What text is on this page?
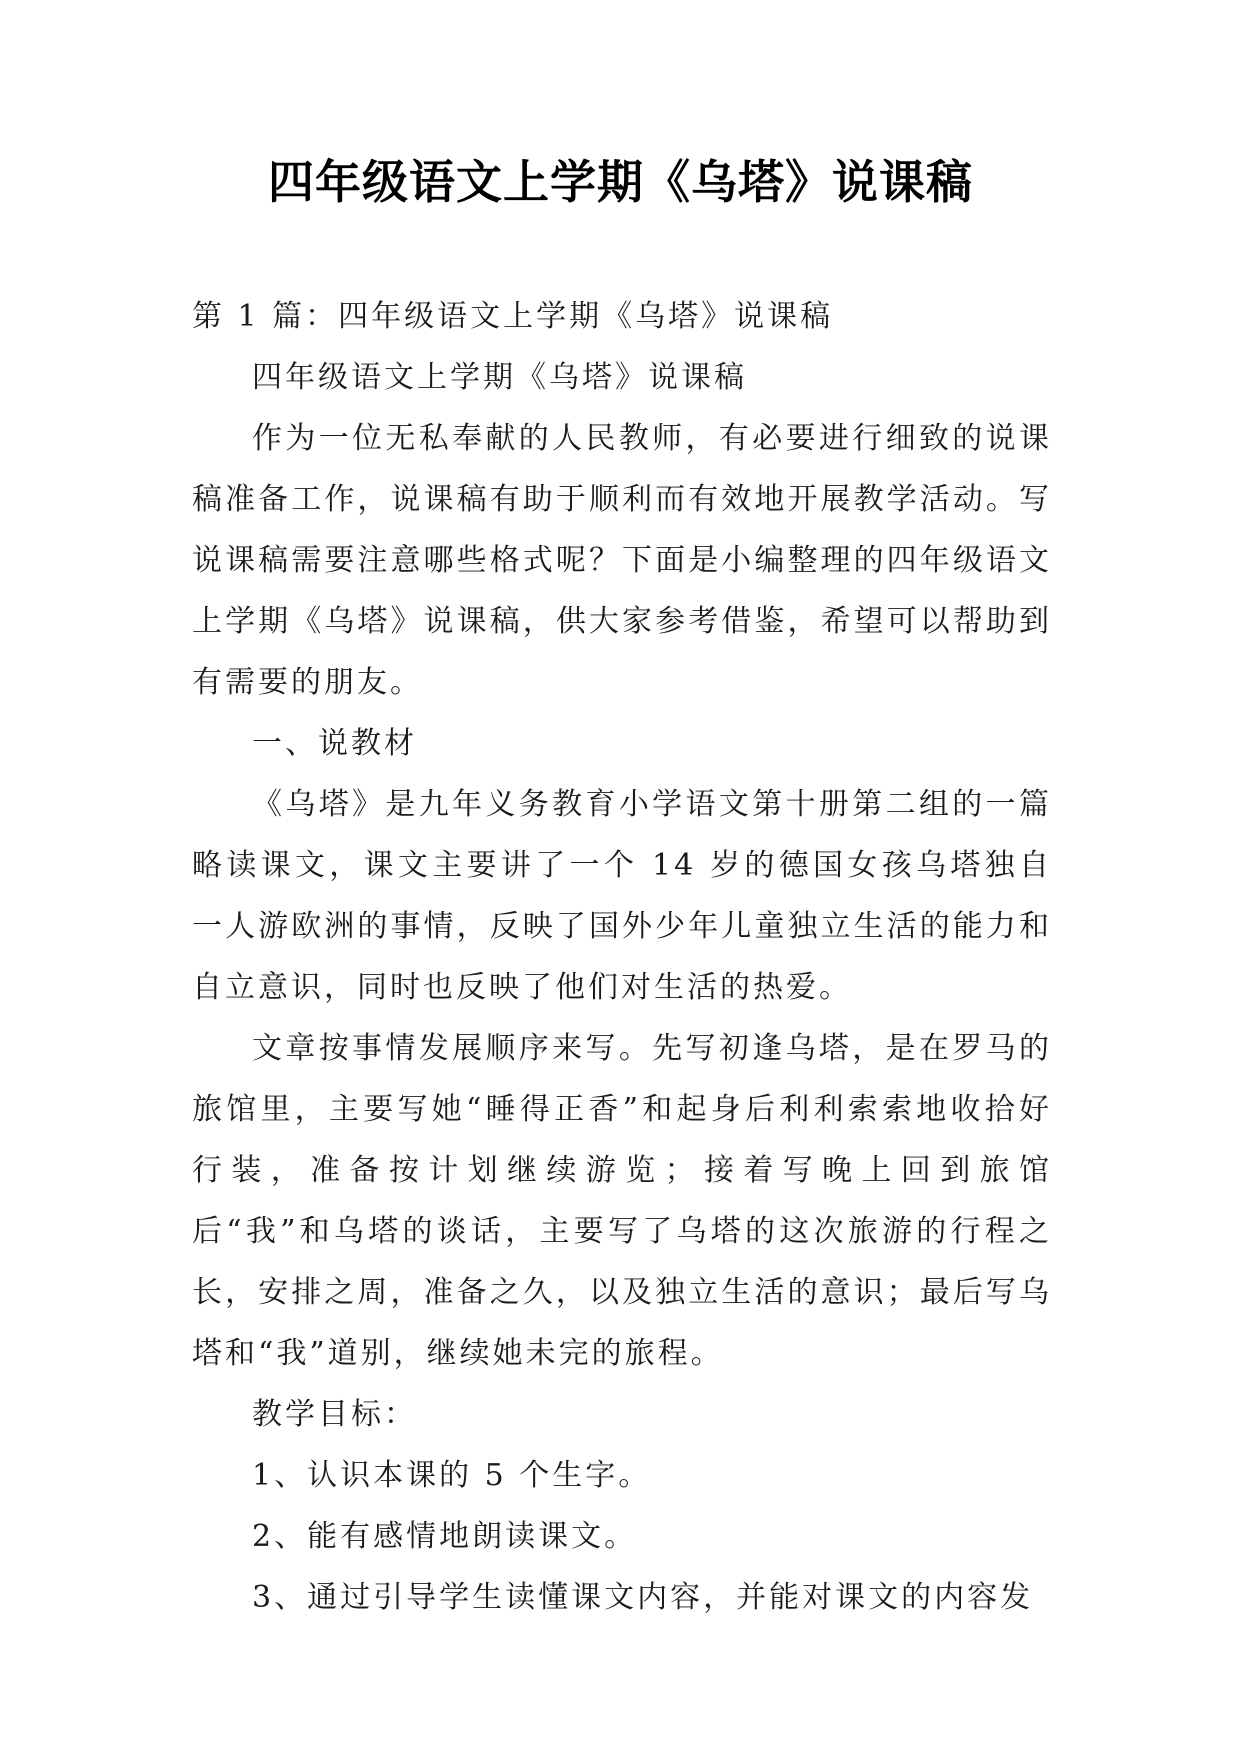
四年级语文上学期《乌塔》说课稿

第 1 篇：四年级语文上学期《乌塔》说课稿

四年级语文上学期《乌塔》说课稿

作为一位无私奉献的人民教师，有必要进行细致的说课稿准备工作，说课稿有助于顺利而有效地开展教学活动。写说课稿需要注意哪些格式呢？下面是小编整理的四年级语文上学期《乌塔》说课稿，供大家参考借鉴，希望可以帮助到有需要的朋友。

一、说教材

《乌塔》是九年义务教育小学语文第十册第二组的一篇略读课文，课文主要讲了一个 14 岁的德国女孩乌塔独自一人游欧洲的事情，反映了国外少年儿童独立生活的能力和自立意识，同时也反映了他们对生活的热爱。

文章按事情发展顺序来写。先写初逢乌塔，是在罗马的旅馆里，主要写她“睡得正香”和起身后利利索索地收拾好行装，准备按计划继续游览；接着写晚上回到旅馆后“我”和乌塔的谈话，主要写了乌塔的这次旅游的行程之长，安排之周，准备之久，以及独立生活的意识；最后写乌塔和“我”道别，继续她未完的旅程。

教学目标：

1、认识本课的 5 个生字。

2、能有感情地朗读课文。

3、通过引导学生读懂课文内容，并能对课文的内容发
